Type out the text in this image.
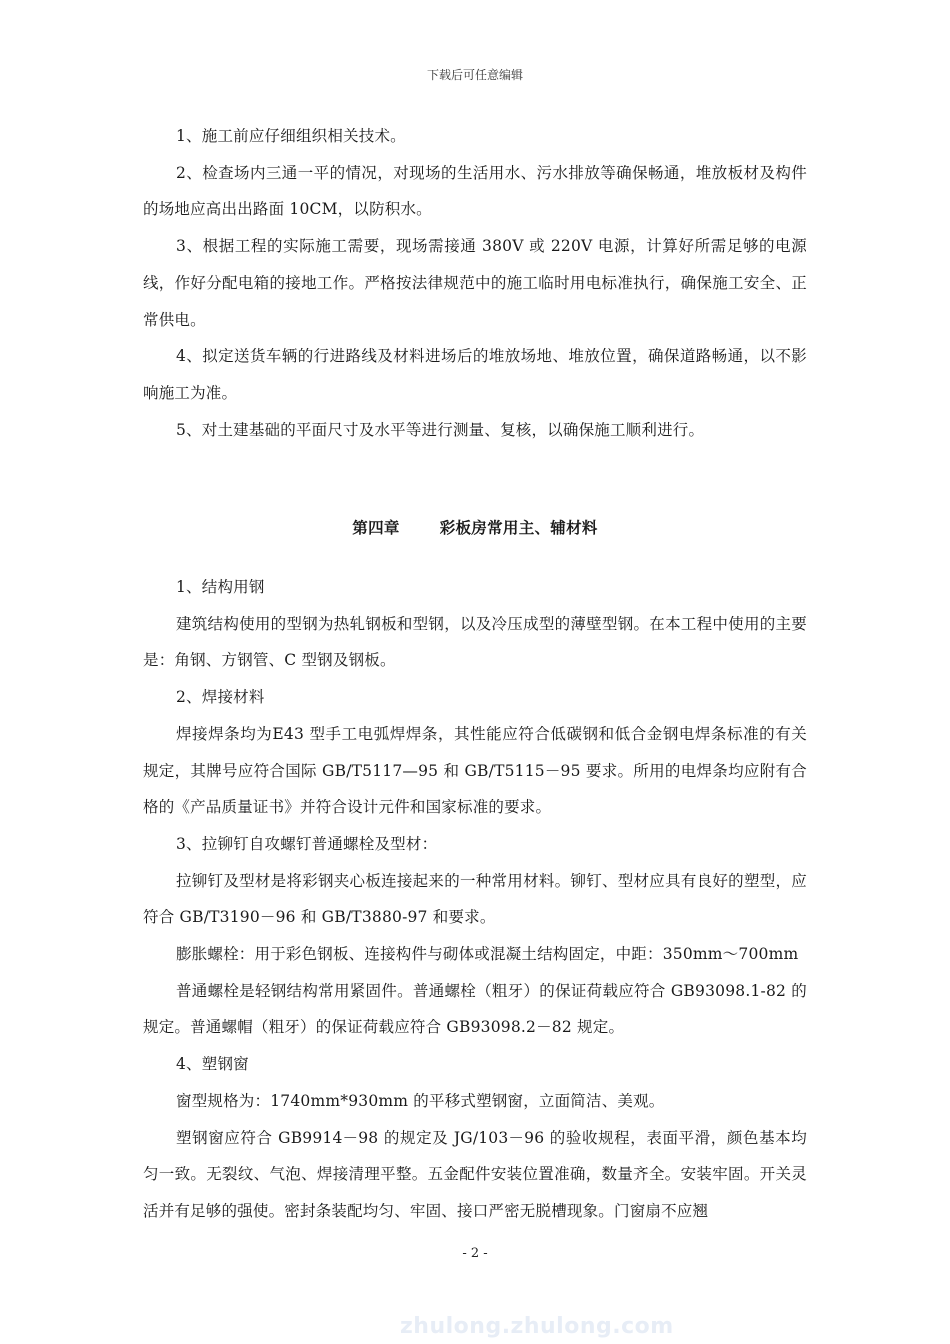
下载后可任意编辑

1、施工前应仔细组织相关技术。

2、检查场内三通一平的情况，对现场的生活用水、污水排放等确保畅通，堆放板材及构件的场地应高出出路面 10CM，以防积水。

3、根据工程的实际施工需要，现场需接通 380V 或 220V 电源，计算好所需足够的电源线，作好分配电箱的接地工作。严格按法律规范中的施工临时用电标准执行，确保施工安全、正常供电。

4、拟定送货车辆的行进路线及材料进场后的堆放场地、堆放位置，确保道路畅通，以不影响施工为准。

5、对土建基础的平面尺寸及水平等进行测量、复核，以确保施工顺利进行。

第四章	彩板房常用主、辅材料

1、结构用钢

建筑结构使用的型钢为热轧钢板和型钢，以及冷压成型的薄壁型钢。在本工程中使用的主要是：角钢、方钢管、C 型钢及钢板。

2、焊接材料

焊接焊条均为E43 型手工电弧焊焊条，其性能应符合低碳钢和低合金钢电焊条标准的有关规定，其牌号应符合国际 GB/T5117—95 和 GB/T5115－95 要求。所用的电焊条均应附有合格的《产品质量证书》并符合设计元件和国家标准的要求。

3、拉铆钉自攻螺钉普通螺栓及型材：

拉铆钉及型材是将彩钢夹心板连接起来的一种常用材料。铆钉、型材应具有良好的塑型，应符合 GB/T3190－96 和 GB/T3880-97 和要求。

膨胀螺栓：用于彩色钢板、连接构件与砌体或混凝土结构固定，中距：350mm～700mm

普通螺栓是轻钢结构常用紧固件。普通螺栓（粗牙）的保证荷载应符合 GB93098.1-82 的规定。普通螺帽（粗牙）的保证荷载应符合 GB93098.2－82 规定。

4、塑钢窗

窗型规格为：1740mm*930mm 的平移式塑钢窗，立面简洁、美观。

塑钢窗应符合 GB9914－98 的规定及 JG/103－96 的验收规程，表面平滑，颜色基本均匀一致。无裂纹、气泡、焊接清理平整。五金配件安装位置准确，数量齐全。安装牢固。开关灵活并有足够的强使。密封条装配均匀、牢固、接口严密无脱槽现象。门窗扇不应翘

- 2 -
zhulong.zhulong.com
